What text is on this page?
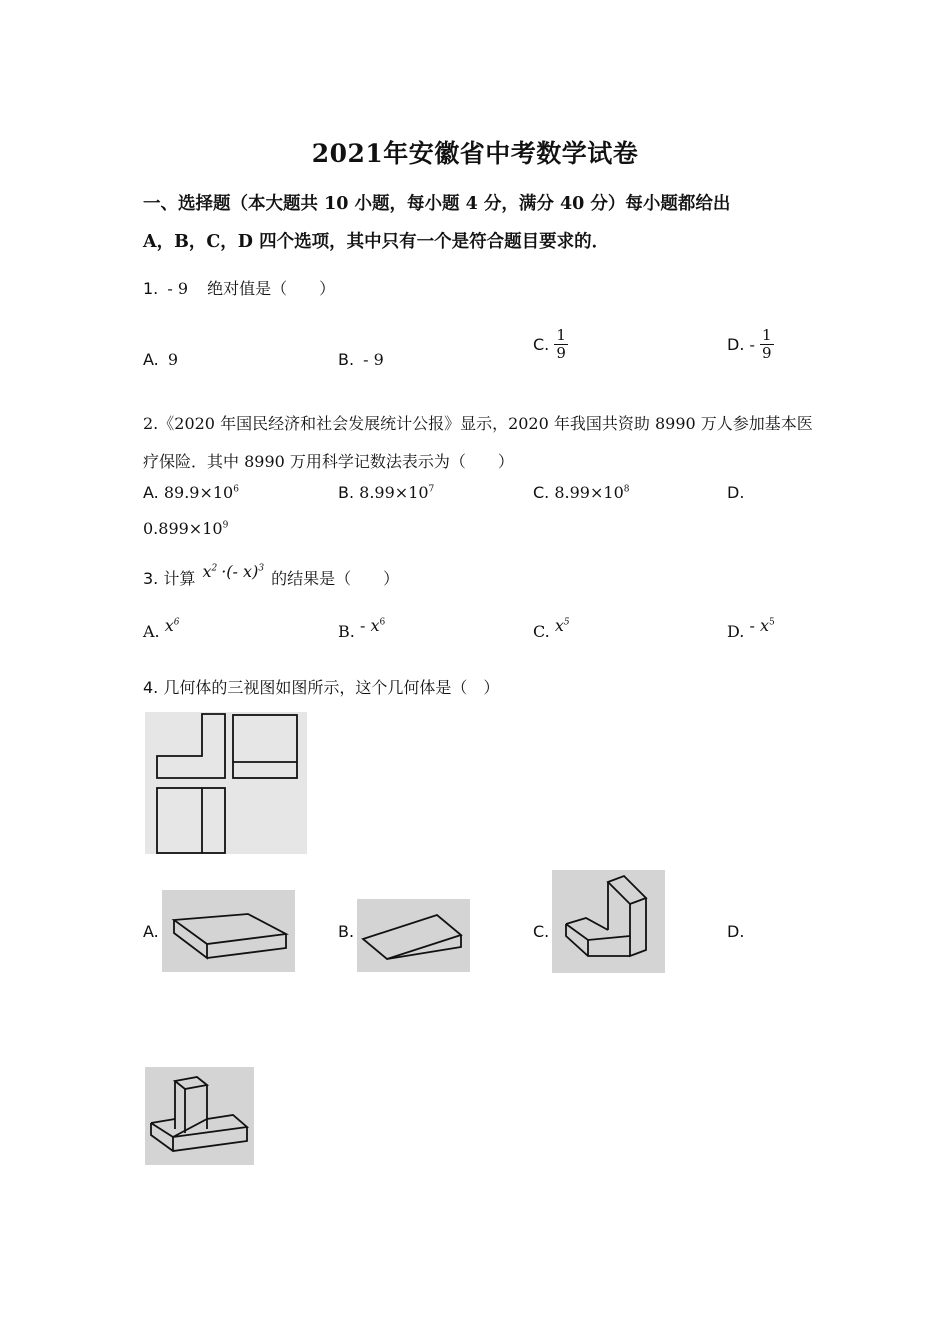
2021年安徽省中考数学试卷
一、选择题（本大题共 10 小题，每小题 4 分，满分 40 分）每小题都给出
A，B，C，D 四个选项，其中只有一个是符合题目要求的．
1. - 9 绝对值是（　　）
A. 9	B. - 9
C. $\frac{1}{9}$	D. - $\frac{1}{9}$
2.《2020 年国民经济和社会发展统计公报》显示，2020 年我国共资助 8990 万人参加基本医
疗保险．其中 8990 万用科学记数法表示为（　　）
A. $89.9\times 10^6$	B. $8.99\times 10^7$	C. $8.99\times 10^8$	D.
$0.899\times 10^9$
3. 计算 $x^2$ ·(- x)$^3$ 的结果是（　　）
A. $x^6$	B. - $x^6$	C. $x^5$	D. - $x^5$
4. 几何体的三视图如图所示，这个几何体是（　）
A.	B.	C.	D.
